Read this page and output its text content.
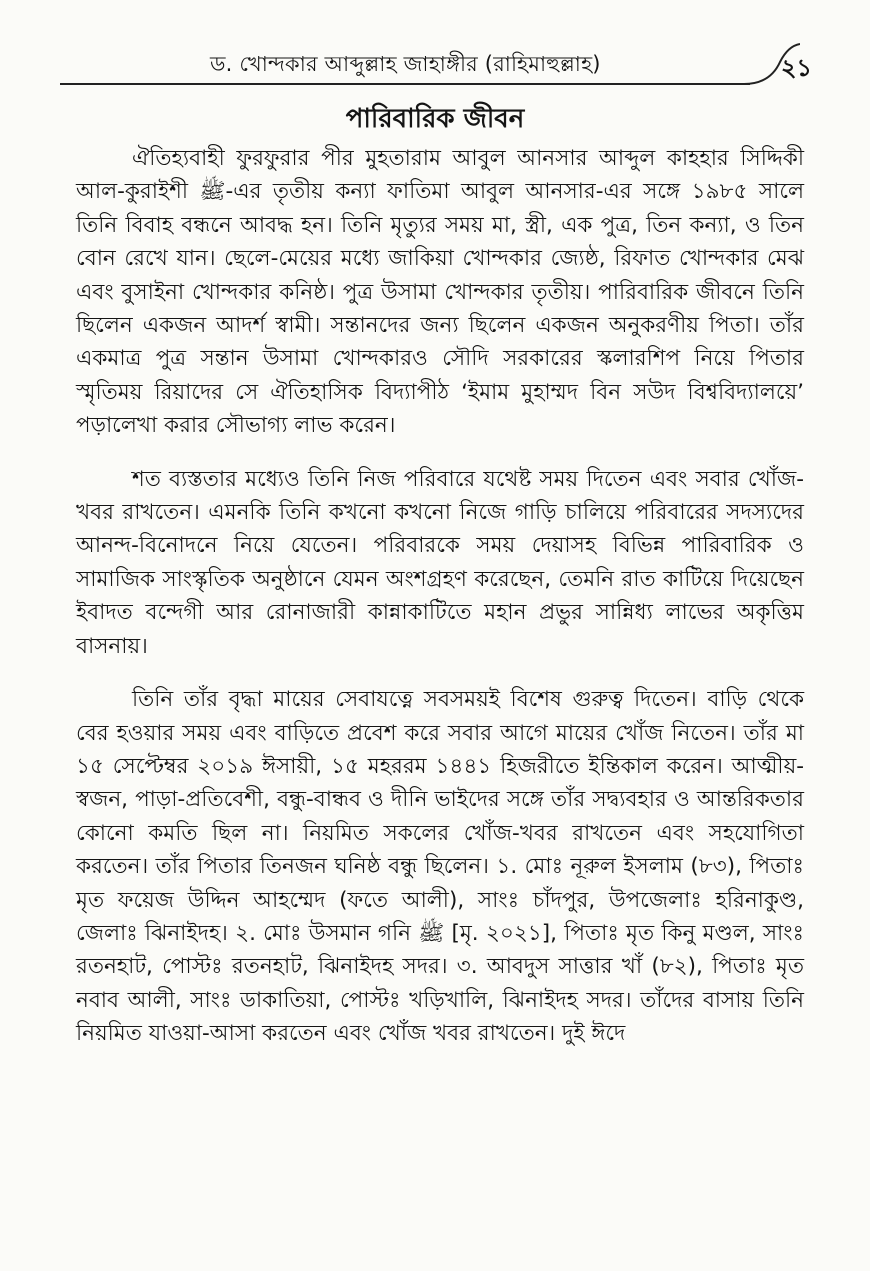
ড. খোন্দকার আব্দুল্লাহ জাহাঙ্গীর (রাহিমাহুল্লাহ)	২১
পারিবারিক জীবন

ঐতিহ্যবাহী ফুরফুরার পীর মুহতারাম আবুল আনসার আব্দুল কাহহার সিদ্দিকী আল-কুরাইশী ﷺ-এর তৃতীয় কন্যা ফাতিমা আবুল আনসার-এর সঙ্গে ১৯৮৫ সালে তিনি বিবাহ বন্ধনে আবদ্ধ হন। তিনি মৃত্যুর সময় মা, স্ত্রী, এক পুত্র, তিন কন্যা, ও তিন বোন রেখে যান। ছেলে-মেয়ের মধ্যে জাকিয়া খোন্দকার জ্যেষ্ঠ, রিফাত খোন্দকার মেঝ এবং বুসাইনা খোন্দকার কনিষ্ঠ। পুত্র উসামা খোন্দকার তৃতীয়। পারিবারিক জীবনে তিনি ছিলেন একজন আদর্শ স্বামী। সন্তানদের জন্য ছিলেন একজন অনুকরণীয় পিতা। তাঁর একমাত্র পুত্র সন্তান উসামা খোন্দকারও সৌদি সরকারের স্কলারশিপ নিয়ে পিতার স্মৃতিময় রিয়াদের সে ঐতিহাসিক বিদ্যাপীঠ ‘ইমাম মুহাম্মদ বিন সউদ বিশ্ববিদ্যালয়ে’ পড়ালেখা করার সৌভাগ্য লাভ করেন।

শত ব্যস্ততার মধ্যেও তিনি নিজ পরিবারে যথেষ্ট সময় দিতেন এবং সবার খোঁজ-খবর রাখতেন। এমনকি তিনি কখনো কখনো নিজে গাড়ি চালিয়ে পরিবারের সদস্যদের আনন্দ-বিনোদনে নিয়ে যেতেন। পরিবারকে সময় দেয়াসহ বিভিন্ন পারিবারিক ও সামাজিক সাংস্কৃতিক অনুষ্ঠানে যেমন অংশগ্রহণ করেছেন, তেমনি রাত কাটিয়ে দিয়েছেন ইবাদত বন্দেগী আর রোনাজারী কান্নাকাটিতে মহান প্রভুর সান্নিধ্য লাভের অকৃত্তিম বাসনায়।

তিনি তাঁর বৃদ্ধা মায়ের সেবাযত্নে সবসময়ই বিশেষ গুরুত্ব দিতেন। বাড়ি থেকে বের হওয়ার সময় এবং বাড়িতে প্রবেশ করে সবার আগে মায়ের খোঁজ নিতেন। তাঁর মা ১৫ সেপ্টেম্বর ২০১৯ ঈসায়ী, ১৫ মহররম ১৪৪১ হিজরীতে ইন্তিকাল করেন। আত্মীয়-স্বজন, পাড়া-প্রতিবেশী, বন্ধু-বান্ধব ও দীনি ভাইদের সঙ্গে তাঁর সদ্ব্যবহার ও আন্তরিকতার কোনো কমতি ছিল না। নিয়মিত সকলের খোঁজ-খবর রাখতেন এবং সহযোগিতা করতেন। তাঁর পিতার তিনজন ঘনিষ্ঠ বন্ধু ছিলেন। ১. মোঃ নূরুল ইসলাম (৮৩), পিতাঃ মৃত ফয়েজ উদ্দিন আহম্মেদ (ফতে আলী), সাংঃ চাঁদপুর, উপজেলাঃ হরিনাকুণ্ড, জেলাঃ ঝিনাইদহ। ২. মোঃ উসমান গনি ﷺ [মৃ. ২০২১], পিতাঃ মৃত কিনু মণ্ডল, সাংঃ রতনহাট, পোস্টঃ রতনহাট, ঝিনাইদহ সদর। ৩. আবদুস সাত্তার খাঁ (৮২), পিতাঃ মৃত নবাব আলী, সাংঃ ডাকাতিয়া, পোস্টঃ খড়িখালি, ঝিনাইদহ সদর। তাঁদের বাসায় তিনি নিয়মিত যাওয়া-আসা করতেন এবং খোঁজ খবর রাখতেন। দুই ঈদে
